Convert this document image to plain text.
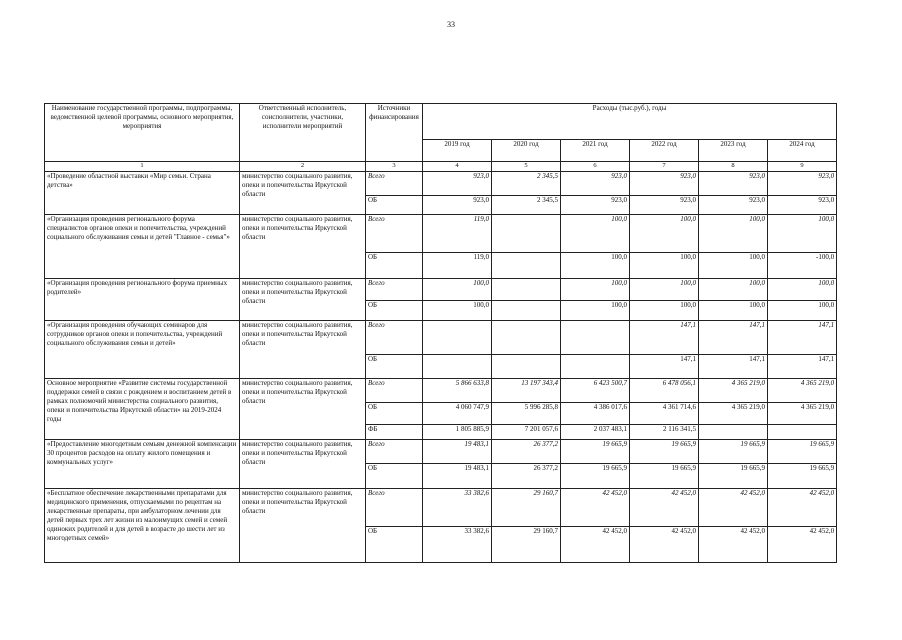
33
Наименование государственной программы, подпрограммы, ведомственной целевой программы, основного мероприятия, мероприятия	Ответственный исполнитель, соисполнители, участники, исполнители мероприятий	Источники финансирования	Расходы (тыс.руб.), годы					
			2019 год	2020 год	2021 год	2022 год	2023 год	2024 год
1	2	3	4	5	6	7	8	9
«Проведение областной выставки «Мир семьи. Страна детства»	министерство социального развития, опеки и попечительства Иркутской области	Всего	923,0	2 345,5	923,0	923,0	923,0	923,0
		ОБ	923,0	2 345,5	923,0	923,0	923,0	923,0
«Организация проведения регионального форума специалистов органов опеки и попечительства, учреждений социального обслуживания семьи и детей "Главное - семья"»	министерство социального развития, опеки и попечительства Иркутской области	Всего	119,0		100,0	100,0	100,0	100,0
		ОБ	119,0		100,0	100,0	100,0	-100,0
«Организация проведения регионального форума приемных родителей»	министерство социального развития, опеки и попечительства Иркутской области	Всего	100,0		100,0	100,0	100,0	100,0
		ОБ	100,0		100,0	100,0	100,0	100,0
«Организация проведения обучающих семинаров для сотрудников органов опеки и попечительства, учреждений социального обслуживания семьи и детей»	министерство социального развития, опеки и попечительства Иркутской области	Всего				147,1	147,1	147,1
		ОБ				147,1	147,1	147,1
Основное мероприятие «Развитие системы государственной поддержки семей в связи с рождением и воспитанием детей в рамках полномочий министерства социального развития, опеки и попечительства Иркутской области» на 2019-2024 годы	министерство социального развития, опеки и попечительства Иркутской области	Всего	5 866 633,8	13 197 343,4	6 423 500,7	6 478 056,1	4 365 219,0	4 365 219,0
		ОБ	4 060 747,9	5 996 285,8	4 386 017,6	4 361 714,6	4 365 219,0	4 365 219,0
		ФБ	1 805 885,9	7 201 057,6	2 037 483,1	2 116 341,5		
«Предоставление многодетным семьям денежной компенсации 30 процентов расходов на оплату жилого помещения и коммунальных услуг»	министерство социального развития, опеки и попечительства Иркутской области	Всего	19 483,1	26 377,2	19 665,9	19 665,9	19 665,9	19 665,9
		ОБ	19 483,1	26 377,2	19 665,9	19 665,9	19 665,9	19 665,9
«Бесплатное обеспечение лекарственными препаратами для медицинского применения, отпускаемыми по рецептам на лекарственные препараты, при амбулаторном лечении для детей первых трех лет жизни из малоимущих семей и семей одиноких родителей и для детей в возрасте до шести лет из многодетных семей»	министерство социального развития, опеки и попечительства Иркутской области	Всего	33 382,6	29 160,7	42 452,0	42 452,0	42 452,0	42 452,0
		ОБ	33 382,6	29 160,7	42 452,0	42 452,0	42 452,0	42 452,0
